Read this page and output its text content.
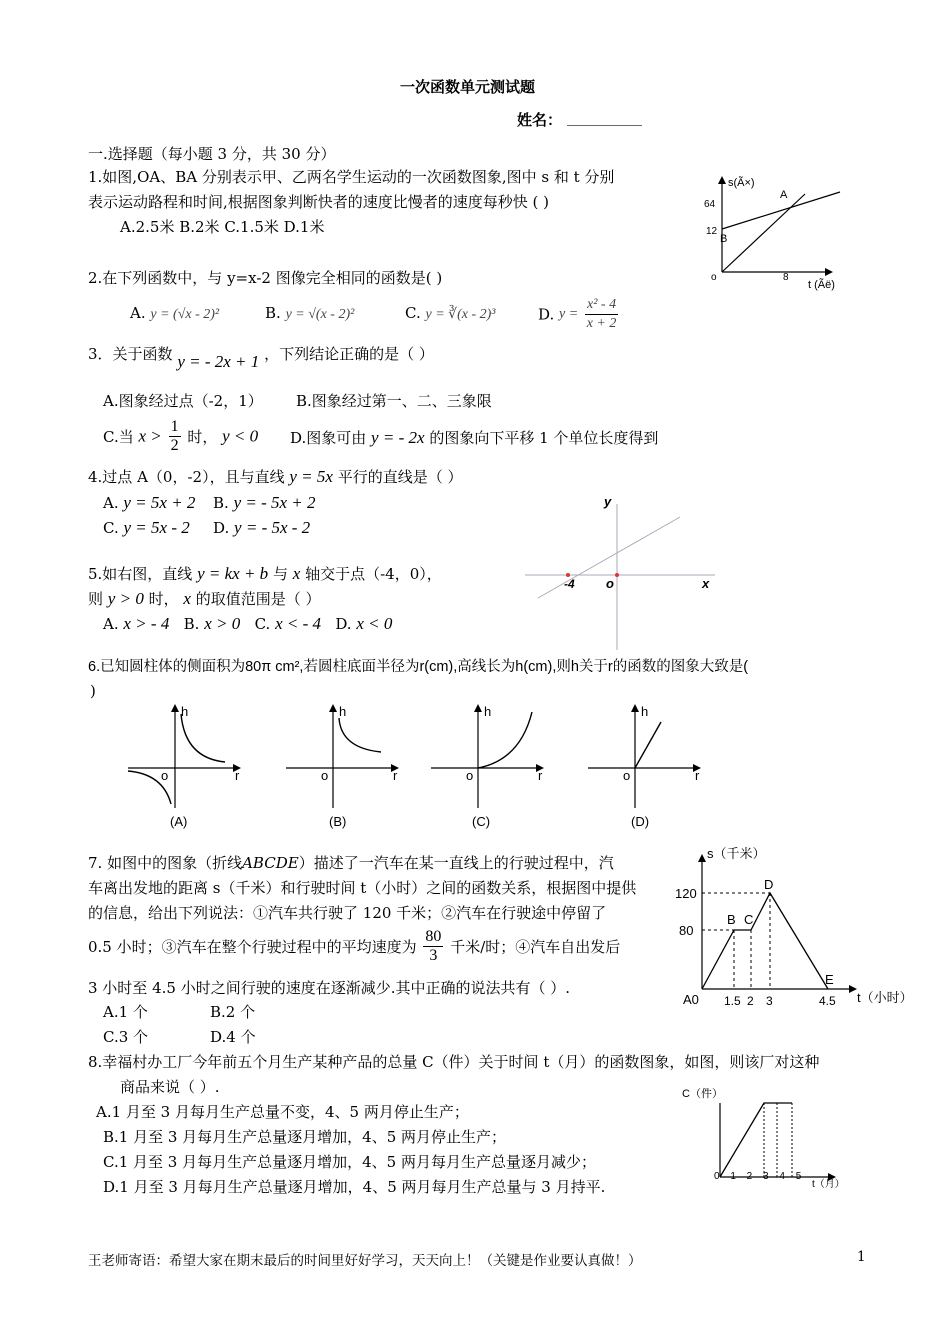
一次函数单元测试题
姓名： __________
一.选择题（每小题 3 分，共 30 分）
1.如图,OA、BA 分别表示甲、乙两名学生运动的一次函数图象,图中 s 和 t 分别
表示运动路程和时间,根据图象判断快者的速度比慢者的速度每秒快 ( )
A.2.5米 B.2米 C.1.5米 D.1米
s(Ã×)
64
12
B
A
o	8
t (Ãë)
2.在下列函数中，与 y=x-2 图像完全相同的函数是( )
A. y = (√x - 2)²	B. y = √(x - 2)²	C. y = ∛(x - 2)³	D. $y = \frac{\text{x² - 4}}{x + 2}$
3．关于函数 y = - 2x + 1 ，下列结论正确的是（ ）
A.图象经过点（-2，1） B.图象经过第一、二、三象限
C.当 $x > \frac{1}{2}$ 时， y < 0 D.图象可由 y = - 2x 的图象向下平移 1 个单位长度得到
4.过点 A（0，-2），且与直线 y = 5x 平行的直线是（ ）
A. y = 5x + 2 B. y = - 5x + 2
C. y = 5x - 2 D. y = - 5x - 2
5.如右图，直线 y = kx + b 与 x 轴交于点（-4，0），
则 y > 0 时， x 的取值范围是（ ）
A. x > - 4 B. x > 0 C. x < - 4 D. x < 0
y
x
o
-4
6.已知圆柱体的侧面积为80π cm²,若圆柱底面半径为r(cm),高线长为h(cm),则h关于r的函数的图象大致是(
)
h
o	r
(A)
h
o	r
(B)
h
o	r
(C)
h
o	r
(D)
7. 如图中的图象（折线ABCDE）描述了一汽车在某一直线上的行驶过程中，汽
车离出发地的距离 s（千米）和行驶时间 t（小时）之间的函数关系，根据图中提供
的信息，给出下列说法：①汽车共行驶了 120 千米；②汽车在行驶途中停留了
0.5 小时；③汽车在整个行驶过程中的平均速度为 $\frac{80}{3}$ 千米/时；④汽车自出发后
3 小时至 4.5 小时之间行驶的速度在逐渐减少.其中正确的说法共有（ ）.
A.1 个	B.2 个
C.3 个	D.4 个
s（千米）
120
80
A0
B C
D
E
1.5 2 3	4.5 t（小时）
8.幸福村办工厂今年前五个月生产某种产品的总量 C（件）关于时间 t（月）的函数图象，如图，则该厂对这种
商品来说（ ）.
A.1 月至 3 月每月生产总量不变，4、5 两月停止生产；
B.1 月至 3 月每月生产总量逐月增加，4、5 两月停止生产；
C.1 月至 3 月每月生产总量逐月增加，4、5 两月每月生产总量逐月减少；
D.1 月至 3 月每月生产总量逐月增加，4、5 两月每月生产总量与 3 月持平.
C（件）
0 1 2 3 4 5
t（月）
王老师寄语：希望大家在期末最后的时间里好好学习，天天向上！（关键是作业要认真做！）	1
